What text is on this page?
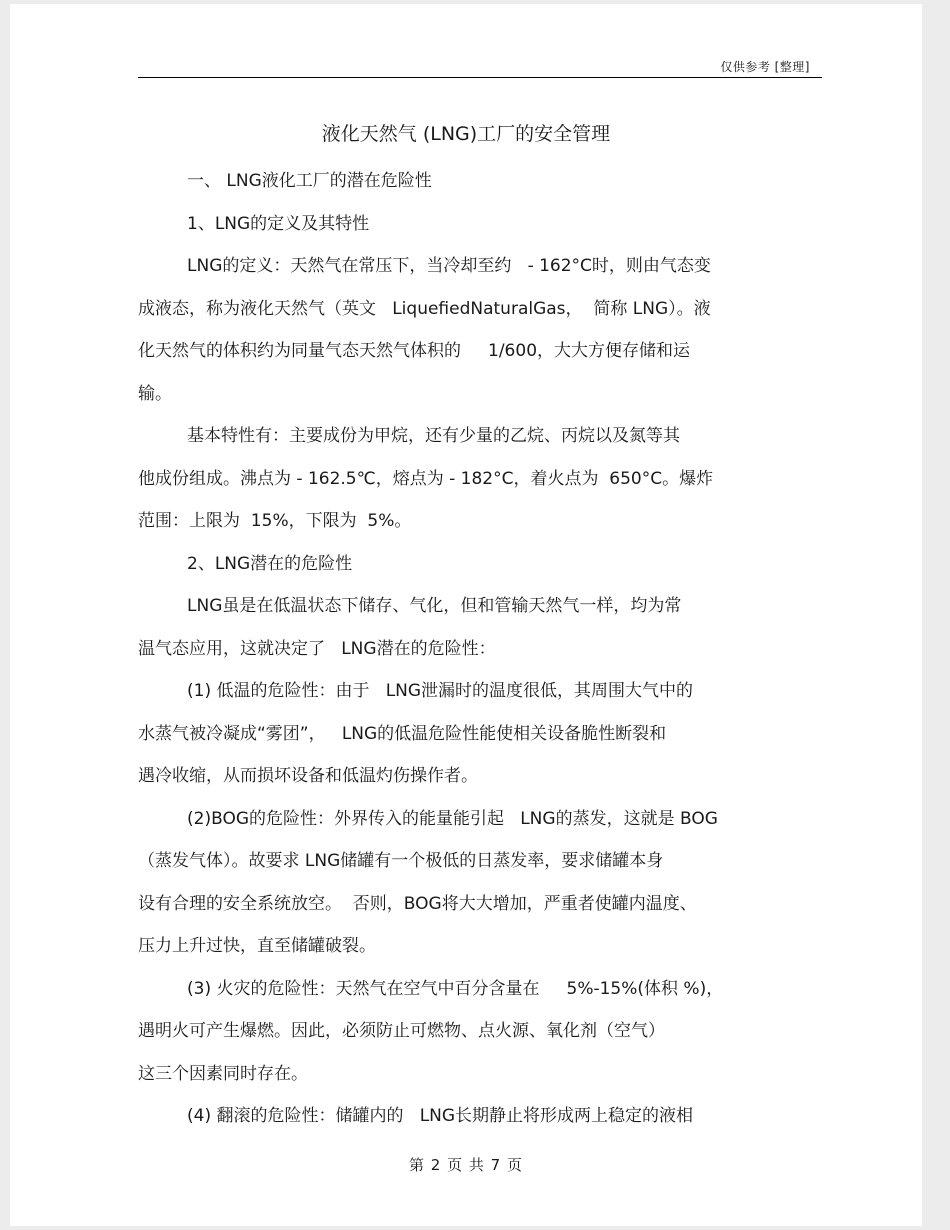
仅供参考 [整理]
液化天然气 (LNG)工厂的安全管理

一、 LNG液化工厂的潜在危险性

1、LNG的定义及其特性

LNG的定义：天然气在常压下，当冷却至约   - 162°C时，则由气态变

成液态，称为液化天然气（英文   LiquefiedNaturalGas，  简称 LNG）。液

化天然气的体积约为同量气态天然气体积的     1/600，大大方便存储和运

输。

基本特性有：主要成份为甲烷，还有少量的乙烷、丙烷以及氮等其

他成份组成。沸点为 - 162.5℃，熔点为 - 182°C，着火点为  650°C。爆炸

范围：上限为  15%，下限为  5%。

2、LNG潜在的危险性

LNG虽是在低温状态下储存、气化，但和管输天然气一样，均为常

温气态应用，这就决定了   LNG潜在的危险性：

(1) 低温的危险性：由于   LNG泄漏时的温度很低，其周围大气中的

水蒸气被冷凝成“雾团”，   LNG的低温危险性能使相关设备脆性断裂和

遇冷收缩，从而损坏设备和低温灼伤操作者。

(2)BOG的危险性：外界传入的能量能引起   LNG的蒸发，这就是 BOG

（蒸发气体）。故要求 LNG储罐有一个极低的日蒸发率，要求储罐本身

设有合理的安全系统放空。  否则，BOG将大大增加，严重者使罐内温度、

压力上升过快，直至储罐破裂。

(3) 火灾的危险性：天然气在空气中百分含量在     5%-15%(体积 %)，

遇明火可产生爆燃。因此，必须防止可燃物、点火源、氧化剂（空气）

这三个因素同时存在。

(4) 翻滚的危险性：储罐内的   LNG长期静止将形成两上稳定的液相

第 2 页 共 7 页
